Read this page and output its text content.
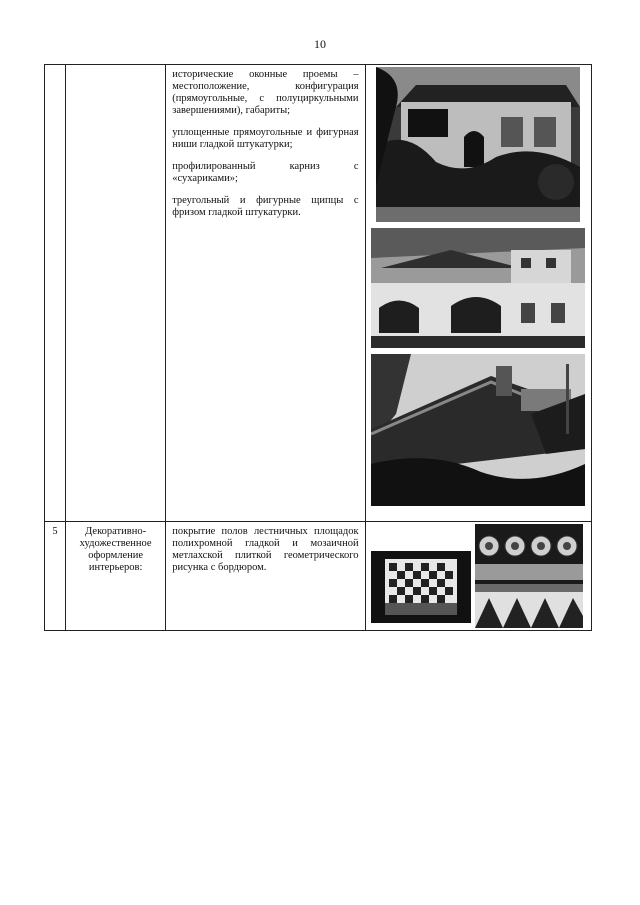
10

		исторические оконные проемы – местоположение, конфигурация (прямоугольные, с полуциркульными завершениями), габариты;

уплощенные прямоугольные и фигурная ниши гладкой штукатурки;

профилированный карниз с «сухариками»;

треугольный и фигурные щипцы с фризом гладкой штукатурки.

5	Декоративно-художественное оформление интерьеров:	покрытие полов лестничных площадок полихромной гладкой и мозаичной метлахской плиткой геометрического рисунка с бордюром.
